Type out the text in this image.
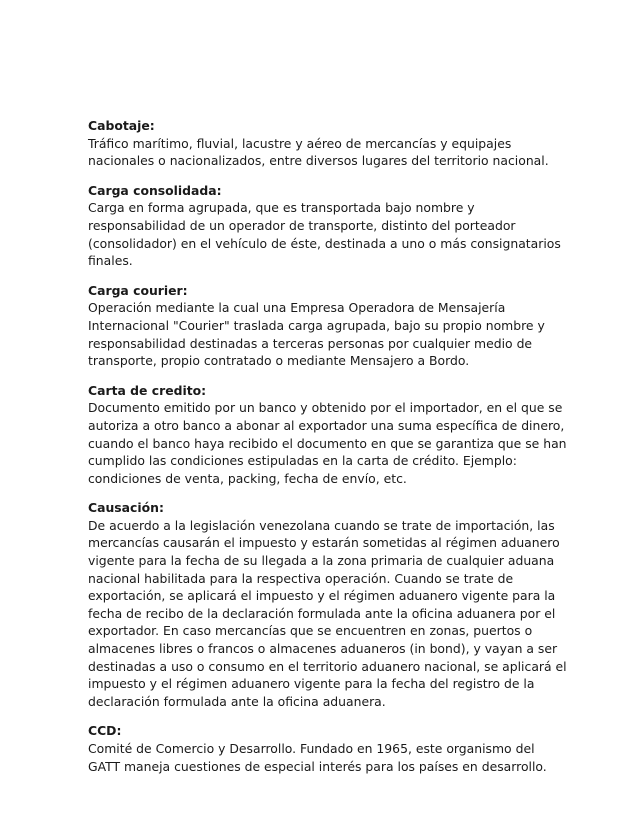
Cabotaje:
Tráfico marítimo, fluvial, lacustre y aéreo de mercancías y equipajes
nacionales o nacionalizados, entre diversos lugares del territorio nacional.
Carga consolidada:
Carga en forma agrupada, que es transportada bajo nombre y
responsabilidad de un operador de transporte, distinto del porteador
(consolidador) en el vehículo de éste, destinada a uno o más consignatarios
finales.
Carga courier:
Operación mediante la cual una Empresa Operadora de Mensajería
Internacional "Courier" traslada carga agrupada, bajo su propio nombre y
responsabilidad destinadas a terceras personas por cualquier medio de
transporte, propio contratado o mediante Mensajero a Bordo.
Carta de credito:
Documento emitido por un banco y obtenido por el importador, en el que se
autoriza a otro banco a abonar al exportador una suma específica de dinero,
cuando el banco haya recibido el documento en que se garantiza que se han
cumplido las condiciones estipuladas en la carta de crédito. Ejemplo:
condiciones de venta, packing, fecha de envío, etc.
Causación:
De acuerdo a la legislación venezolana cuando se trate de importación, las
mercancías causarán el impuesto y estarán sometidas al régimen aduanero
vigente para la fecha de su llegada a la zona primaria de cualquier aduana
nacional habilitada para la respectiva operación. Cuando se trate de
exportación, se aplicará el impuesto y el régimen aduanero vigente para la
fecha de recibo de la declaración formulada ante la oficina aduanera por el
exportador. En caso mercancías que se encuentren en zonas, puertos o
almacenes libres o francos o almacenes aduaneros (in bond), y vayan a ser
destinadas a uso o consumo en el territorio aduanero nacional, se aplicará el
impuesto y el régimen aduanero vigente para la fecha del registro de la
declaración formulada ante la oficina aduanera.
CCD:
Comité de Comercio y Desarrollo. Fundado en 1965, este organismo del
GATT maneja cuestiones de especial interés para los países en desarrollo.
